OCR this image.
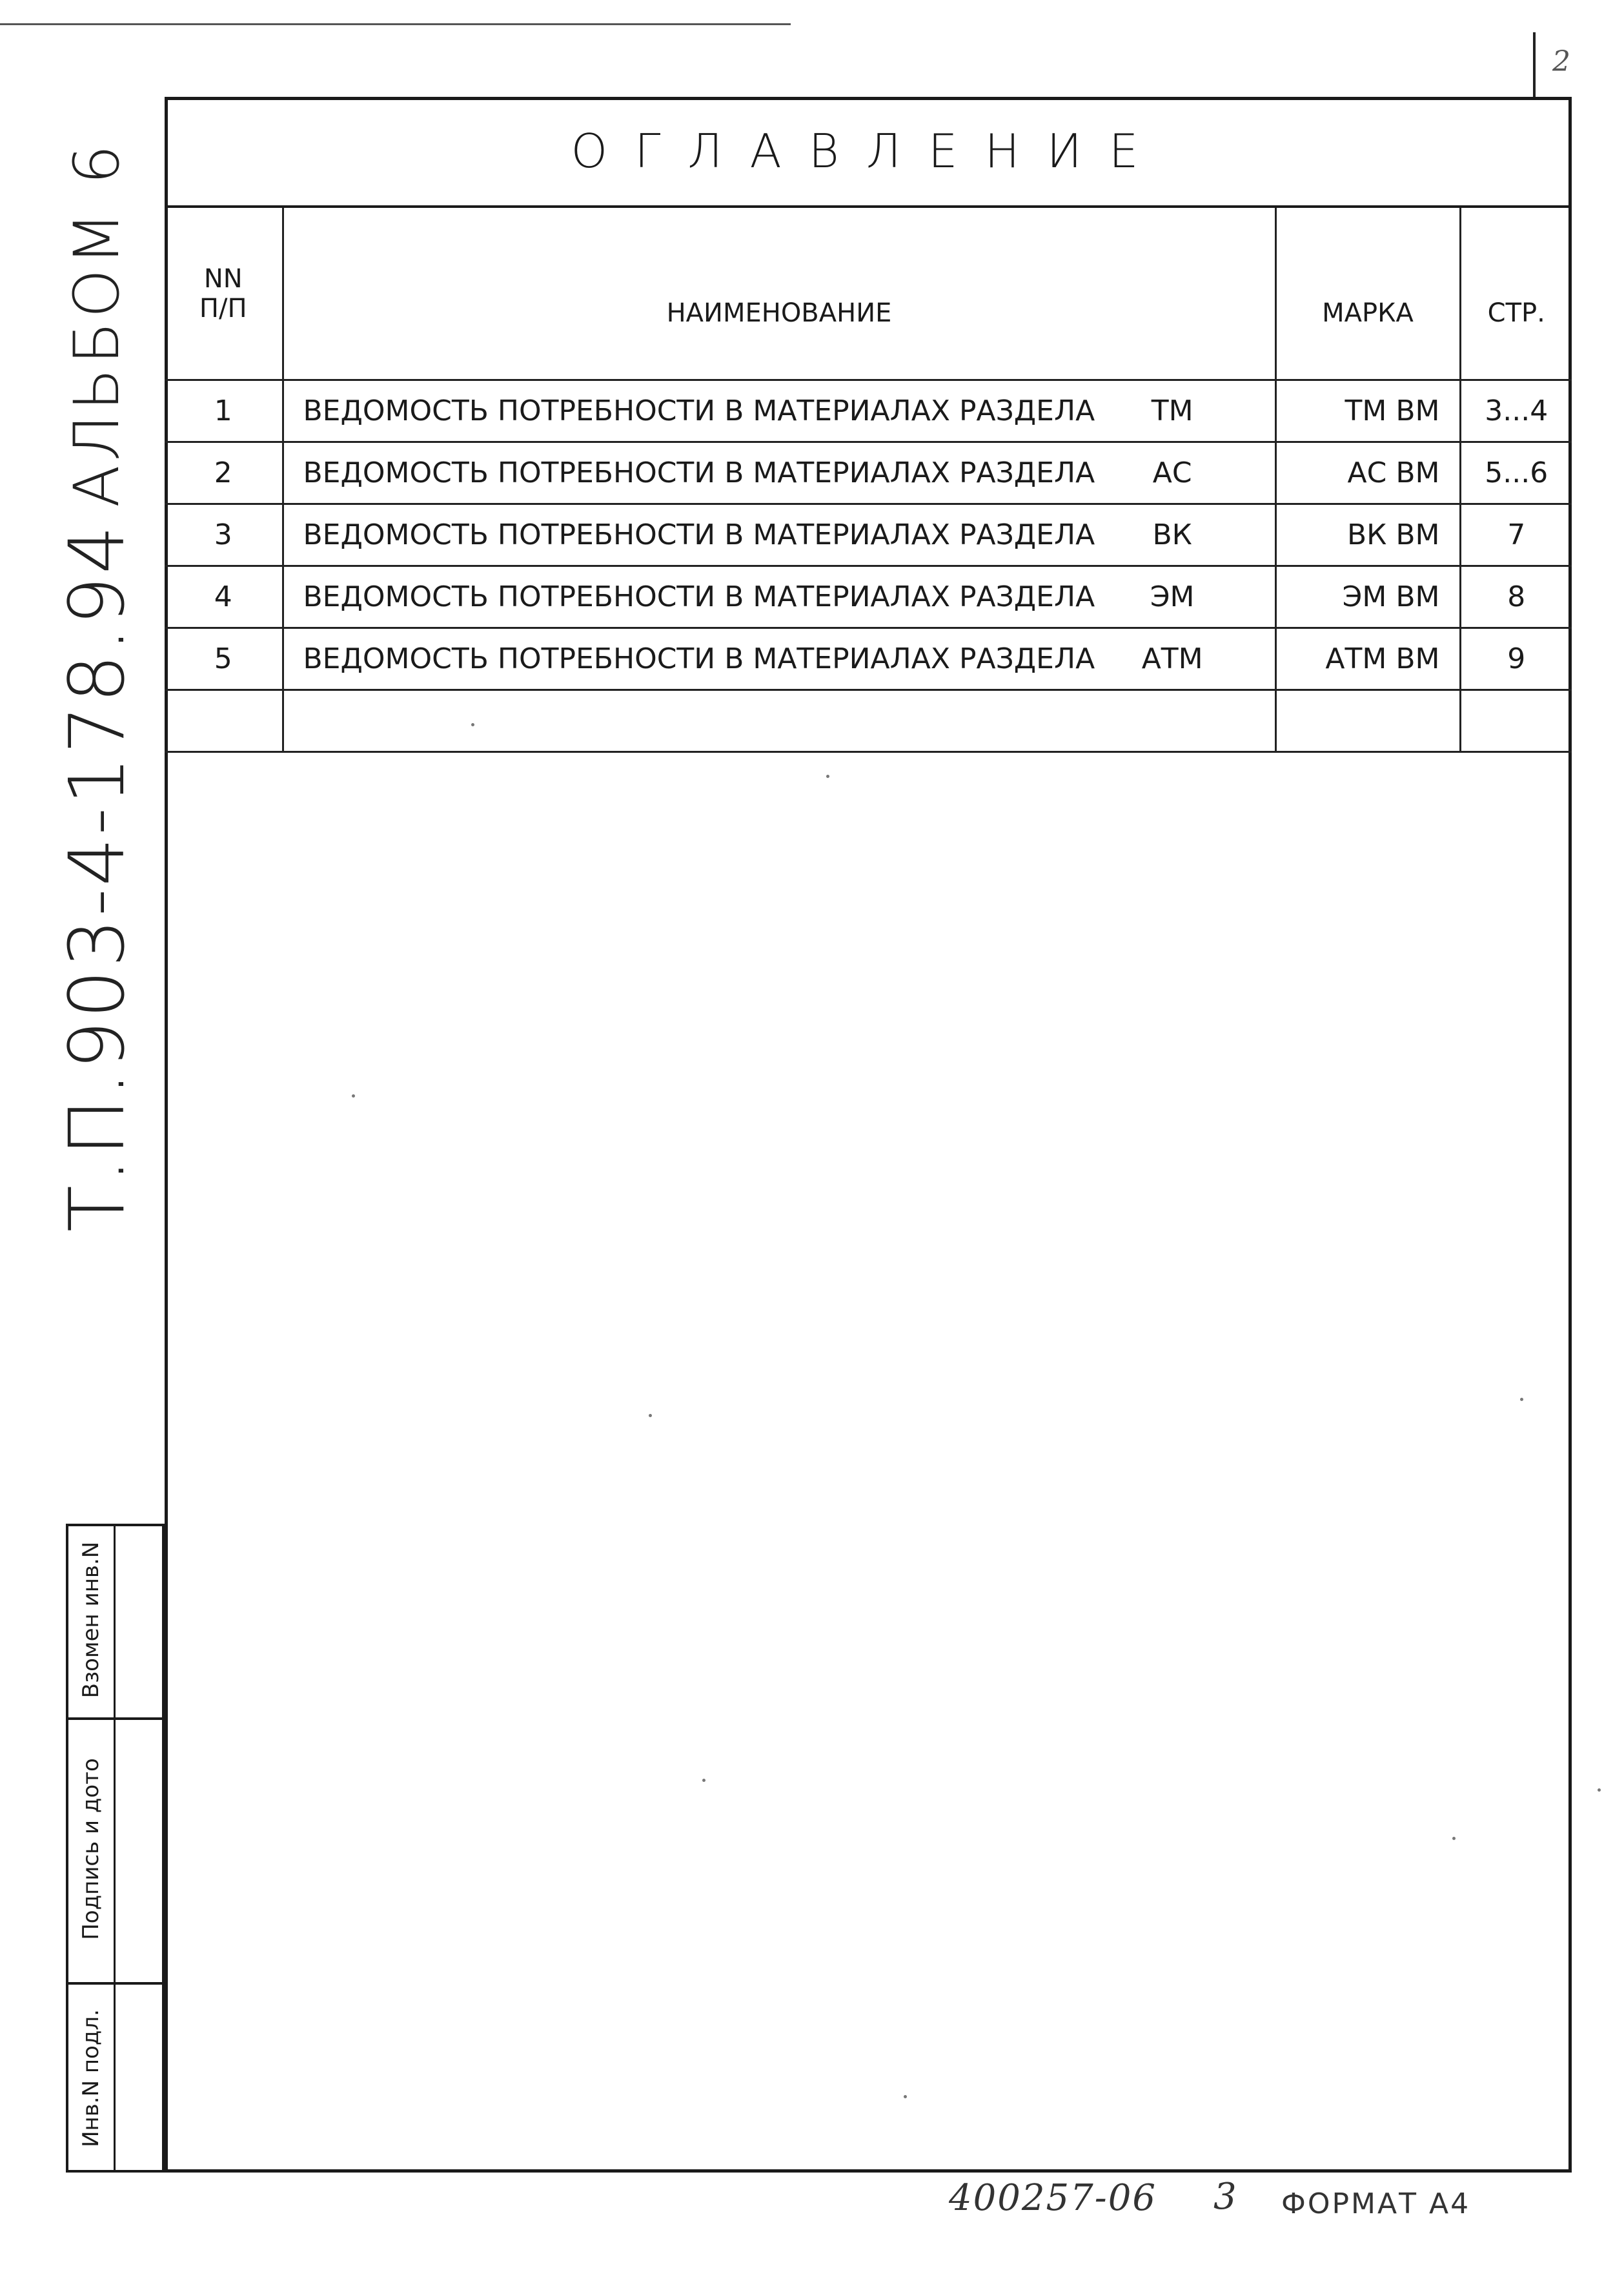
2
ОГЛАВЛЕНИЕ
NN
П/П	НАИМЕНОВАНИЕ	МАРКА	СТР.
1	ВЕДОМОСТЬ ПОТРЕБНОСТИ В МАТЕРИАЛАХ РАЗДЕЛА ТМ	ТМ ВМ	3...4
2	ВЕДОМОСТЬ ПОТРЕБНОСТИ В МАТЕРИАЛАХ РАЗДЕЛА АС	АС ВМ	5...6
3	ВЕДОМОСТЬ ПОТРЕБНОСТИ В МАТЕРИАЛАХ РАЗДЕЛА ВК	ВК ВМ	7
4	ВЕДОМОСТЬ ПОТРЕБНОСТИ В МАТЕРИАЛАХ РАЗДЕЛА ЭМ	ЭМ ВМ	8
5	ВЕДОМОСТЬ ПОТРЕБНОСТИ В МАТЕРИАЛАХ РАЗДЕЛА АТМ	АТМ ВМ	9

АЛЬБОМ 6
Т.П.903-4-178.94
Взомен инв.N
Подпись и дото
Инв.N подл.
400257-06 3 ФОРМАТ А4
